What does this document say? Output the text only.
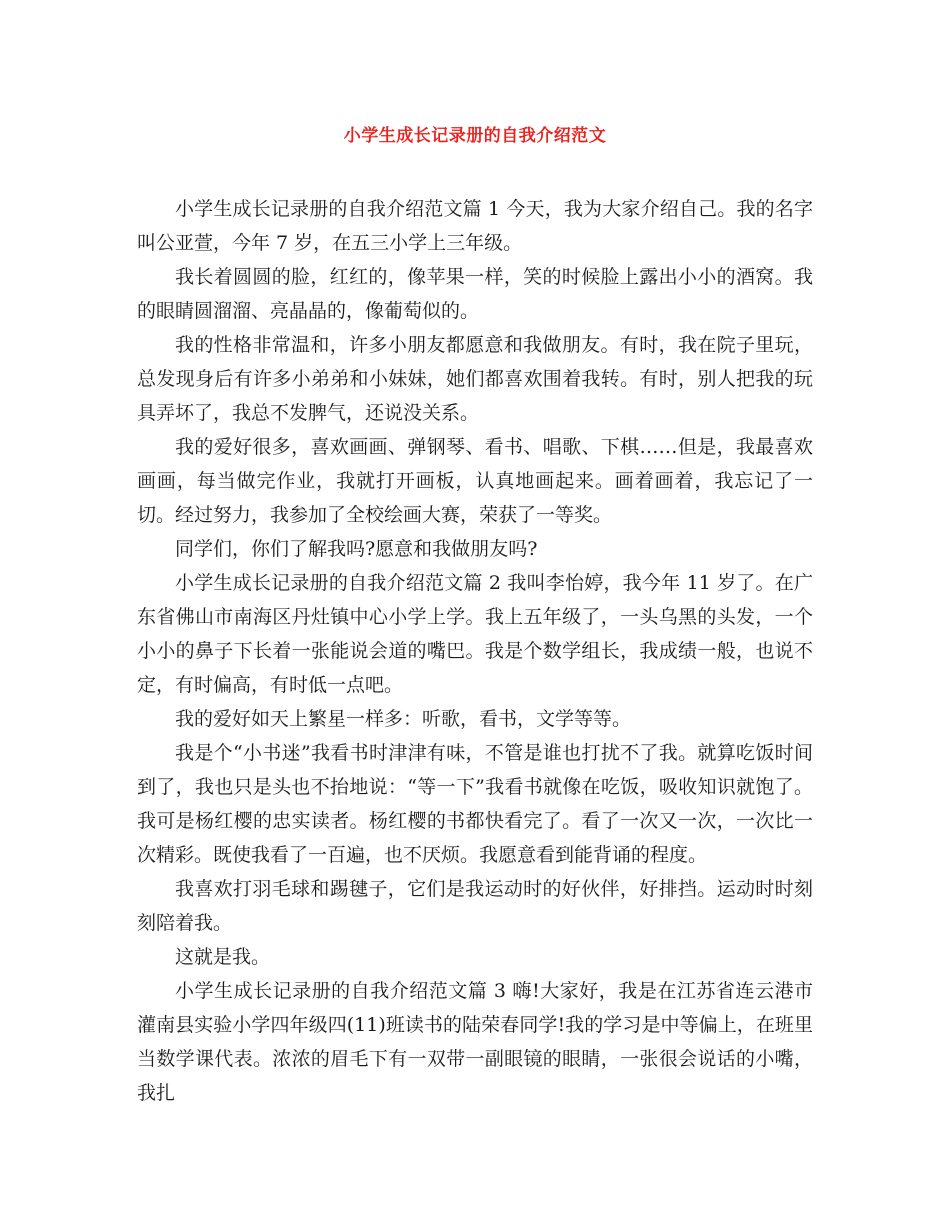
小学生成长记录册的自我介绍范文

小学生成长记录册的自我介绍范文篇 1 今天，我为大家介绍自己。我的名字叫公亚萱，今年 7 岁，在五三小学上三年级。

我长着圆圆的脸，红红的，像苹果一样，笑的时候脸上露出小小的酒窝。我的眼睛圆溜溜、亮晶晶的，像葡萄似的。

我的性格非常温和，许多小朋友都愿意和我做朋友。有时，我在院子里玩，总发现身后有许多小弟弟和小妹妹，她们都喜欢围着我转。有时，别人把我的玩具弄坏了，我总不发脾气，还说没关系。

我的爱好很多，喜欢画画、弹钢琴、看书、唱歌、下棋……但是，我最喜欢画画，每当做完作业，我就打开画板，认真地画起来。画着画着，我忘记了一切。经过努力，我参加了全校绘画大赛，荣获了一等奖。

同学们，你们了解我吗?愿意和我做朋友吗?

小学生成长记录册的自我介绍范文篇 2 我叫李怡婷，我今年 11 岁了。在广东省佛山市南海区丹灶镇中心小学上学。我上五年级了，一头乌黑的头发，一个小小的鼻子下长着一张能说会道的嘴巴。我是个数学组长，我成绩一般，也说不定，有时偏高，有时低一点吧。

我的爱好如天上繁星一样多：听歌，看书，文学等等。

我是个“小书迷”我看书时津津有味，不管是谁也打扰不了我。就算吃饭时间到了，我也只是头也不抬地说：“等一下”我看书就像在吃饭，吸收知识就饱了。我可是杨红樱的忠实读者。杨红樱的书都快看完了。看了一次又一次，一次比一次精彩。既使我看了一百遍，也不厌烦。我愿意看到能背诵的程度。

我喜欢打羽毛球和踢毽子，它们是我运动时的好伙伴，好排挡。运动时时刻刻陪着我。

这就是我。

小学生成长记录册的自我介绍范文篇 3 嗨!大家好，我是在江苏省连云港市灌南县实验小学四年级四(11)班读书的陆荣春同学!我的学习是中等偏上，在班里当数学课代表。浓浓的眉毛下有一双带一副眼镜的眼睛，一张很会说话的小嘴，我扎
